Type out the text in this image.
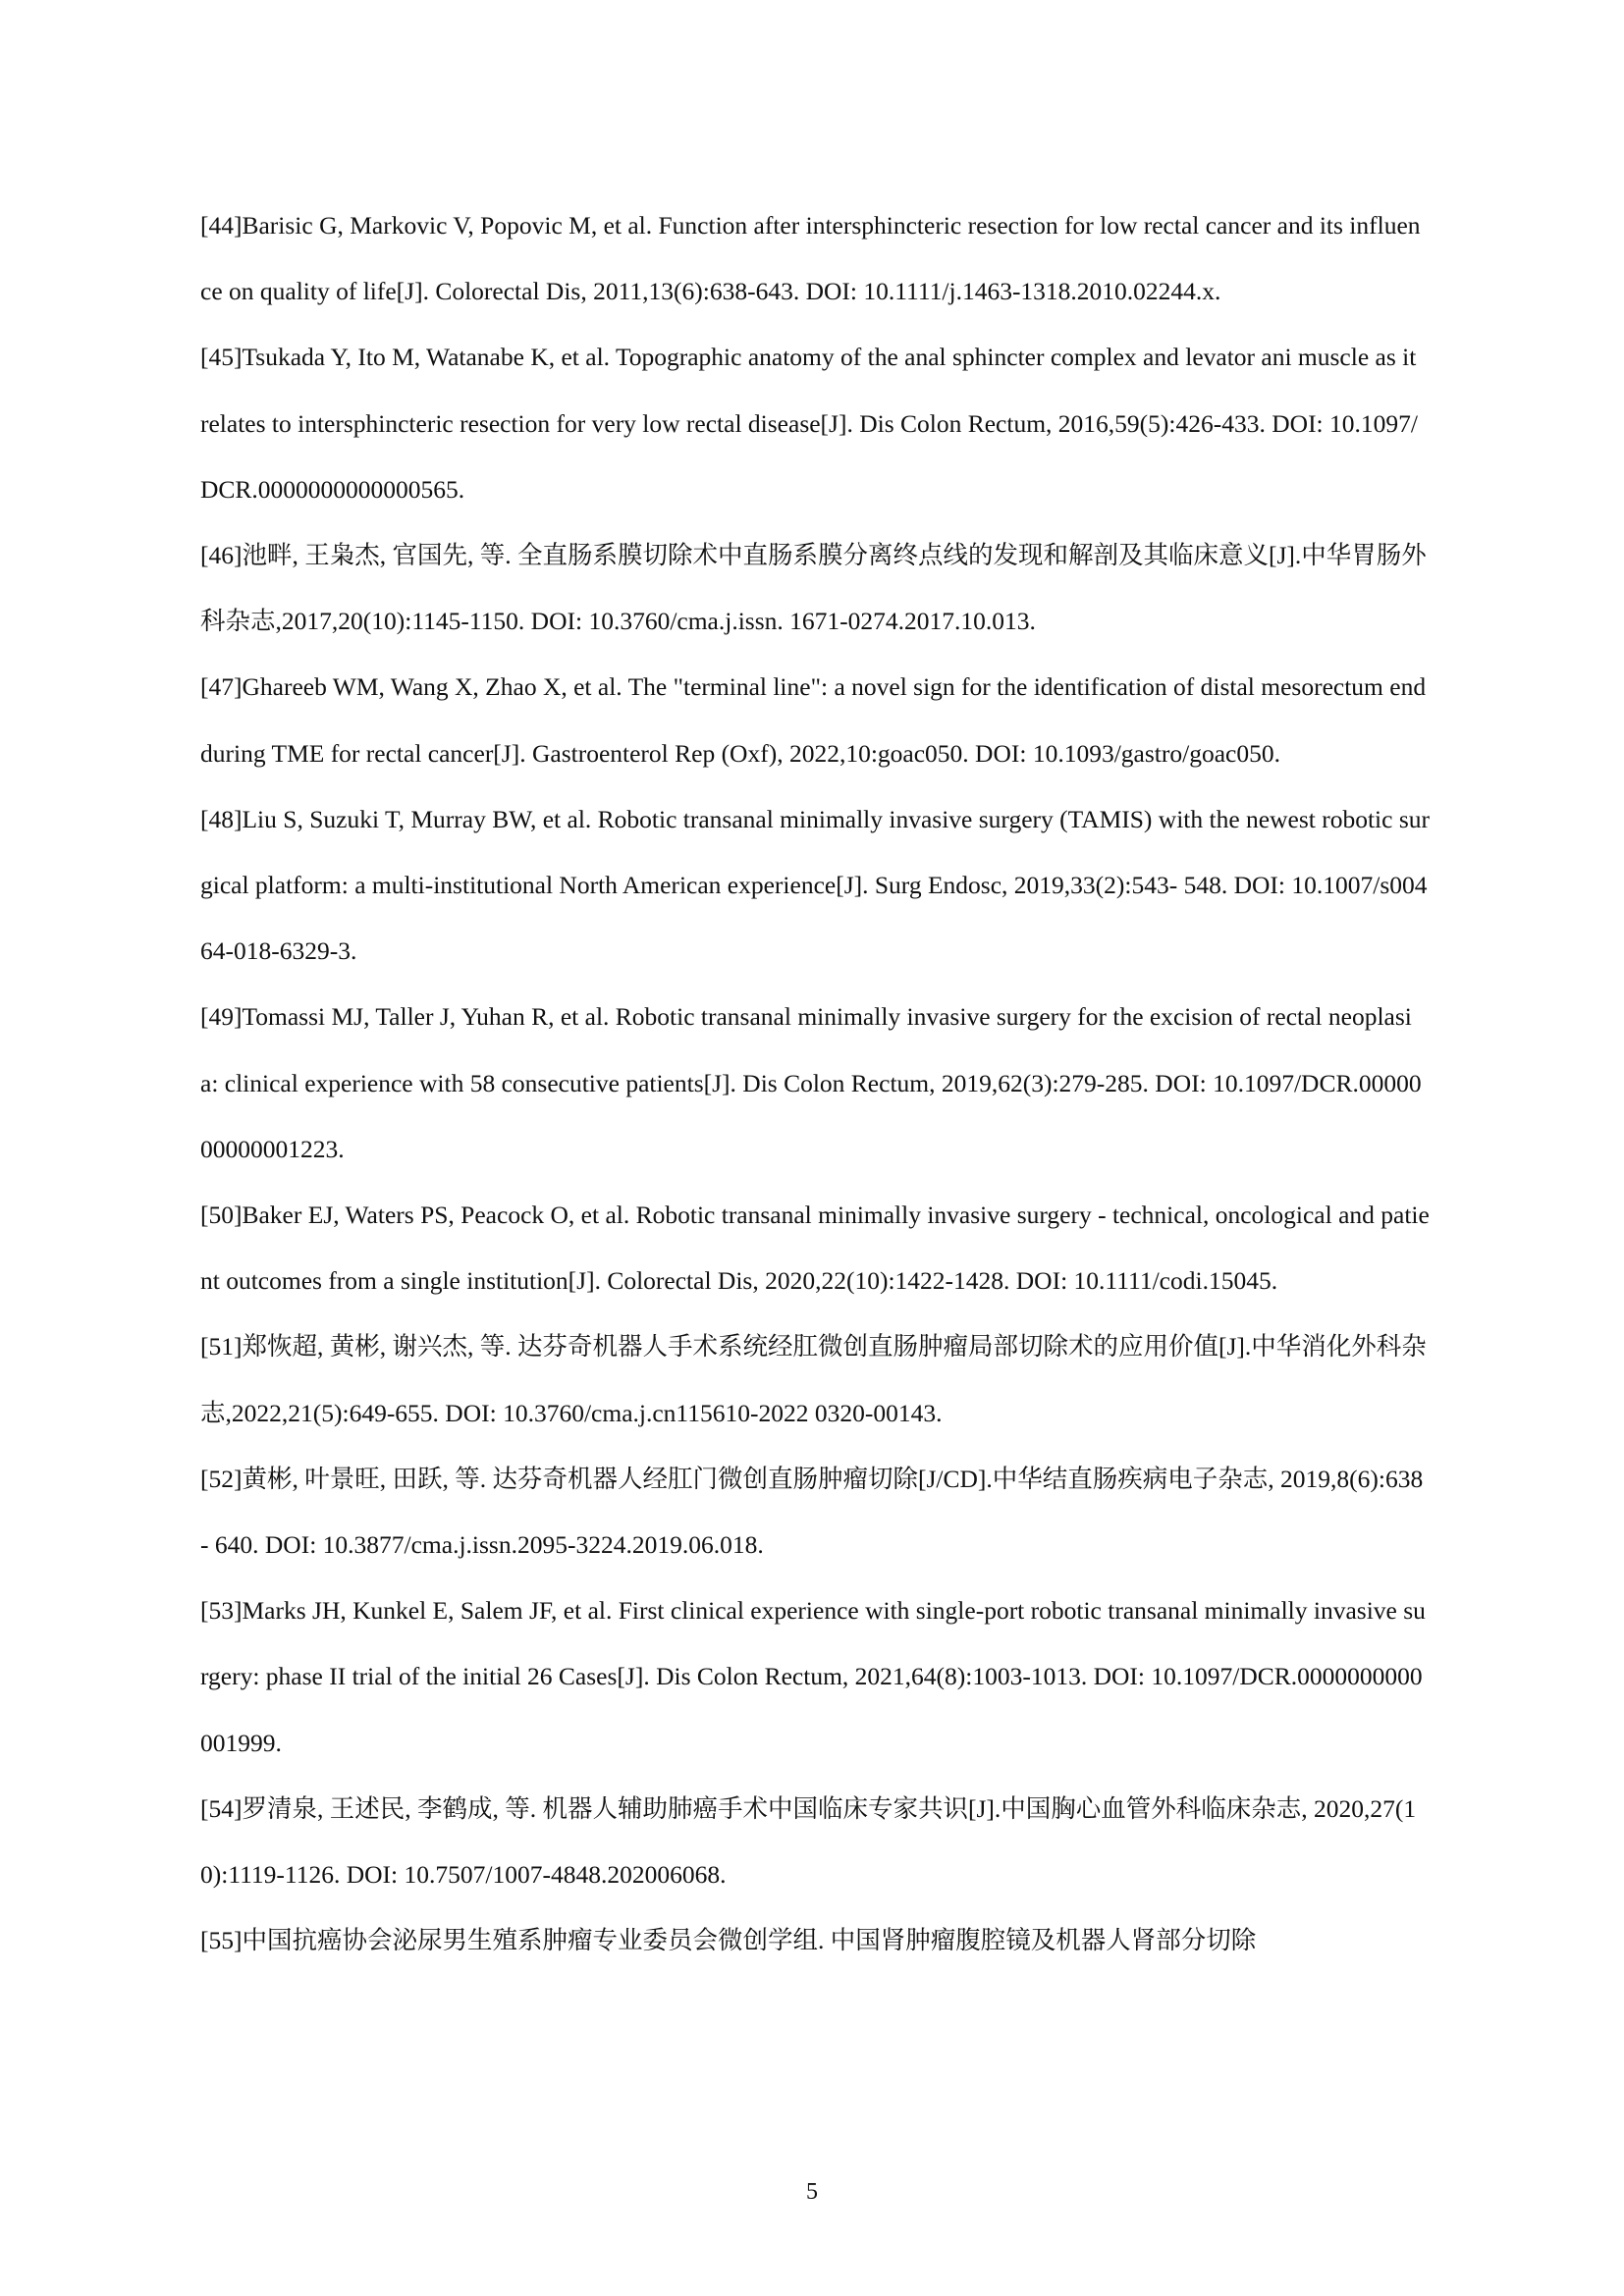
[44]Barisic G, Markovic V, Popovic M, et al. Function after intersphincteric resection for low rectal cancer and its influence on quality of life[J]. Colorectal Dis, 2011,13(6):638-643. DOI: 10.1111/j.1463-1318.2010.02244.x.
[45]Tsukada Y, Ito M, Watanabe K, et al. Topographic anatomy of the anal sphincter complex and levator ani muscle as it relates to intersphincteric resection for very low rectal disease[J]. Dis Colon Rectum, 2016,59(5):426-433. DOI: 10.1097/DCR.0000000000000565.
[46]池畔, 王枭杰, 官国先, 等. 全直肠系膜切除术中直肠系膜分离终点线的发现和解剖及其临床意义[J].中华胃肠外科杂志,2017,20(10):1145-1150. DOI: 10.3760/cma.j.issn. 1671-0274.2017.10.013.
[47]Ghareeb WM, Wang X, Zhao X, et al. The "terminal line": a novel sign for the identification of distal mesorectum end during TME for rectal cancer[J]. Gastroenterol Rep (Oxf), 2022,10:goac050. DOI: 10.1093/gastro/goac050.
[48]Liu S, Suzuki T, Murray BW, et al. Robotic transanal minimally invasive surgery (TAMIS) with the newest robotic surgical platform: a multi-institutional North American experience[J]. Surg Endosc, 2019,33(2):543- 548. DOI: 10.1007/s00464-018-6329-3.
[49]Tomassi MJ, Taller J, Yuhan R, et al. Robotic transanal minimally invasive surgery for the excision of rectal neoplasia: clinical experience with 58 consecutive patients[J]. Dis Colon Rectum, 2019,62(3):279-285. DOI: 10.1097/DCR.0000000000001223.
[50]Baker EJ, Waters PS, Peacock O, et al. Robotic transanal minimally invasive surgery - technical, oncological and patient outcomes from a single institution[J]. Colorectal Dis, 2020,22(10):1422-1428. DOI: 10.1111/codi.15045.
[51]郑恢超, 黄彬, 谢兴杰, 等. 达芬奇机器人手术系统经肛微创直肠肿瘤局部切除术的应用价值[J].中华消化外科杂志,2022,21(5):649-655. DOI: 10.3760/cma.j.cn115610-2022 0320-00143.
[52]黄彬, 叶景旺, 田跃, 等. 达芬奇机器人经肛门微创直肠肿瘤切除[J/CD].中华结直肠疾病电子杂志, 2019,8(6):638- 640. DOI: 10.3877/cma.j.issn.2095-3224.2019.06.018.
[53]Marks JH, Kunkel E, Salem JF, et al. First clinical experience with single-port robotic transanal minimally invasive surgery: phase II trial of the initial 26 Cases[J]. Dis Colon Rectum, 2021,64(8):1003-1013. DOI: 10.1097/DCR.0000000000001999.
[54]罗清泉, 王述民, 李鹤成, 等. 机器人辅助肺癌手术中国临床专家共识[J].中国胸心血管外科临床杂志, 2020,27(10):1119-1126. DOI: 10.7507/1007-4848.202006068.
[55]中国抗癌协会泌尿男生殖系肿瘤专业委员会微创学组. 中国肾肿瘤腹腔镜及机器人肾部分切除
5
